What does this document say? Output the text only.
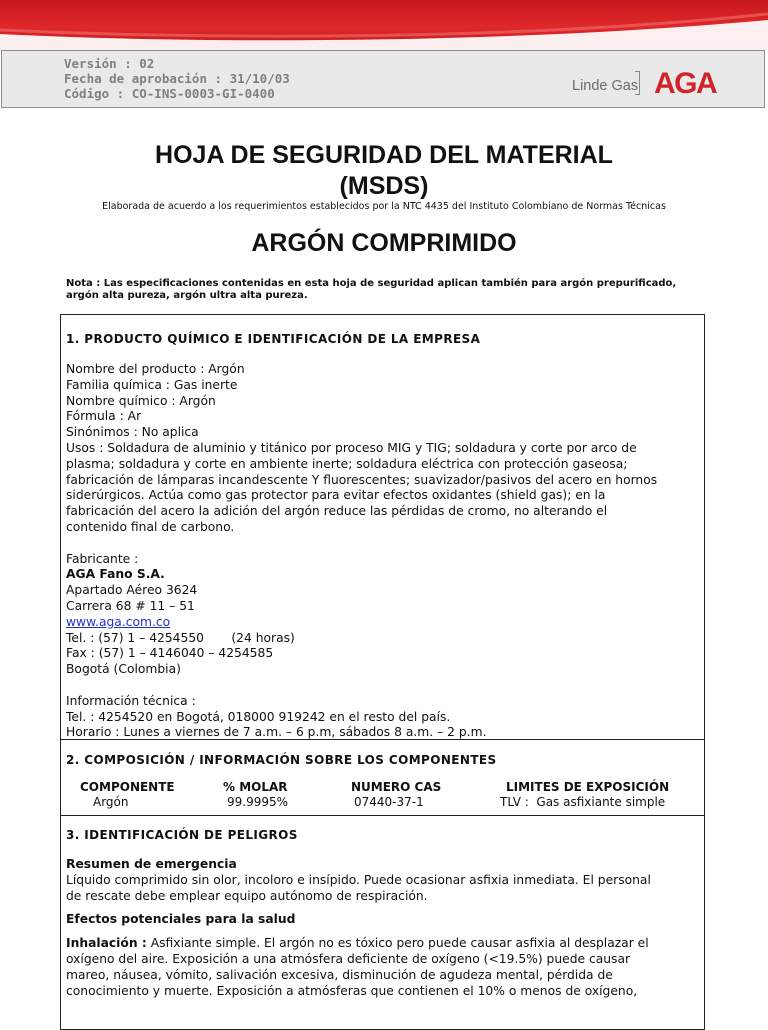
Versión : 02
Fecha de aprobación : 31/10/03
Código : CO-INS-0003-GI-0400	Linde Gas AGA
HOJA DE SEGURIDAD DEL MATERIAL
(MSDS)
Elaborada de acuerdo a los requerimientos establecidos por la NTC 4435 del Instituto Colombiano de Normas Técnicas
ARGÓN COMPRIMIDO
Nota : Las especificaciones contenidas en esta hoja de seguridad aplican también para argón prepurificado,
argón alta pureza, argón ultra alta pureza.
1. PRODUCTO QUÍMICO E IDENTIFICACIÓN DE LA EMPRESA
Nombre del producto : Argón
Familia química : Gas inerte
Nombre químico : Argón
Fórmula : Ar
Sinónimos : No aplica
Usos : Soldadura de aluminio y titánico por proceso MIG y TIG; soldadura y corte por arco de
plasma; soldadura y corte en ambiente inerte; soldadura eléctrica con protección gaseosa;
fabricación de lámparas incandescente Y fluorescentes; suavizador/pasivos del acero en hornos
siderúrgicos. Actúa como gas protector para evitar efectos oxidantes (shield gas); en la
fabricación del acero la adición del argón reduce las pérdidas de cromo, no alterando el
contenido final de carbono.

Fabricante :
AGA Fano S.A.
Apartado Aéreo 3624
Carrera 68 # 11 – 51
www.aga.com.co
Tel. : (57) 1 – 4254550       (24 horas)
Fax : (57) 1 – 4146040 – 4254585
Bogotá (Colombia)

Información técnica :
Tel. : 4254520 en Bogotá, 018000 919242 en el resto del país.
Horario : Lunes a viernes de 7 a.m. – 6 p.m, sábados 8 a.m. – 2 p.m.
2. COMPOSICIÓN / INFORMACIÓN SOBRE LOS COMPONENTES
COMPONENTE	% MOLAR	NUMERO CAS	LIMITES DE EXPOSICIÓN
Argón	99.9995%	07440-37-1	TLV :  Gas asfixiante simple
3. IDENTIFICACIÓN DE PELIGROS
Resumen de emergencia
Líquido comprimido sin olor, incoloro e insípido. Puede ocasionar asfixia inmediata. El personal
de rescate debe emplear equipo autónomo de respiración.

Efectos potenciales para la salud

Inhalación : Asfixiante simple. El argón no es tóxico pero puede causar asfixia al desplazar el
oxígeno del aire. Exposición a una atmósfera deficiente de oxígeno (<19.5%) puede causar
mareo, náusea, vómito, salivación excesiva, disminución de agudeza mental, pérdida de
conocimiento y muerte. Exposición a atmósferas que contienen el 10% o menos de oxígeno,
